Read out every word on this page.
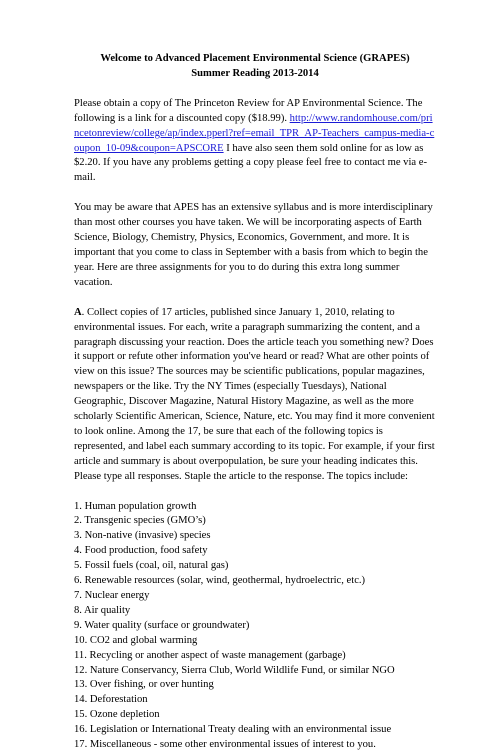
Welcome to Advanced Placement Environmental Science (GRAPES)

Summer Reading 2013-2014

Please obtain a copy of The Princeton Review for AP Environmental Science. The following is a link for a discounted copy ($18.99). http://www.randomhouse.com/princetonreview/college/ap/index.pperl?ref=email_TPR_AP-Teachers_campus-media-coupon_10-09&coupon=APSCORE I have also seen them sold online for as low as $2.20. If you have any problems getting a copy please feel free to contact me via e-mail.

You may be aware that APES has an extensive syllabus and is more interdisciplinary than most other courses you have taken. We will be incorporating aspects of Earth Science, Biology, Chemistry, Physics, Economics, Government, and more. It is important that you come to class in September with a basis from which to begin the year. Here are three assignments for you to do during this extra long summer vacation.

A. Collect copies of 17 articles, published since January 1, 2010, relating to environmental issues. For each, write a paragraph summarizing the content, and a paragraph discussing your reaction. Does the article teach you something new? Does it support or refute other information you've heard or read? What are other points of view on this issue? The sources may be scientific publications, popular magazines, newspapers or the like. Try the NY Times (especially Tuesdays), National Geographic, Discover Magazine, Natural History Magazine, as well as the more scholarly Scientific American, Science, Nature, etc. You may find it more convenient to look online. Among the 17, be sure that each of the following topics is represented, and label each summary according to its topic. For example, if your first article and summary is about overpopulation, be sure your heading indicates this. Please type all responses. Staple the article to the response. The topics include:

1. Human population growth
2. Transgenic species (GMO’s)
3. Non-native (invasive) species
4. Food production, food safety
5. Fossil fuels (coal, oil, natural gas)
6. Renewable resources (solar, wind, geothermal, hydroelectric, etc.)
7. Nuclear energy
8. Air quality
9. Water quality (surface or groundwater)
10. CO2 and global warming
11. Recycling or another aspect of waste management (garbage)
12. Nature Conservancy, Sierra Club, World Wildlife Fund, or similar NGO
13. Over fishing, or over hunting
14. Deforestation
15. Ozone depletion
16. Legislation or International Treaty dealing with an environmental issue
17. Miscellaneous - some other environmental issues of interest to you.
